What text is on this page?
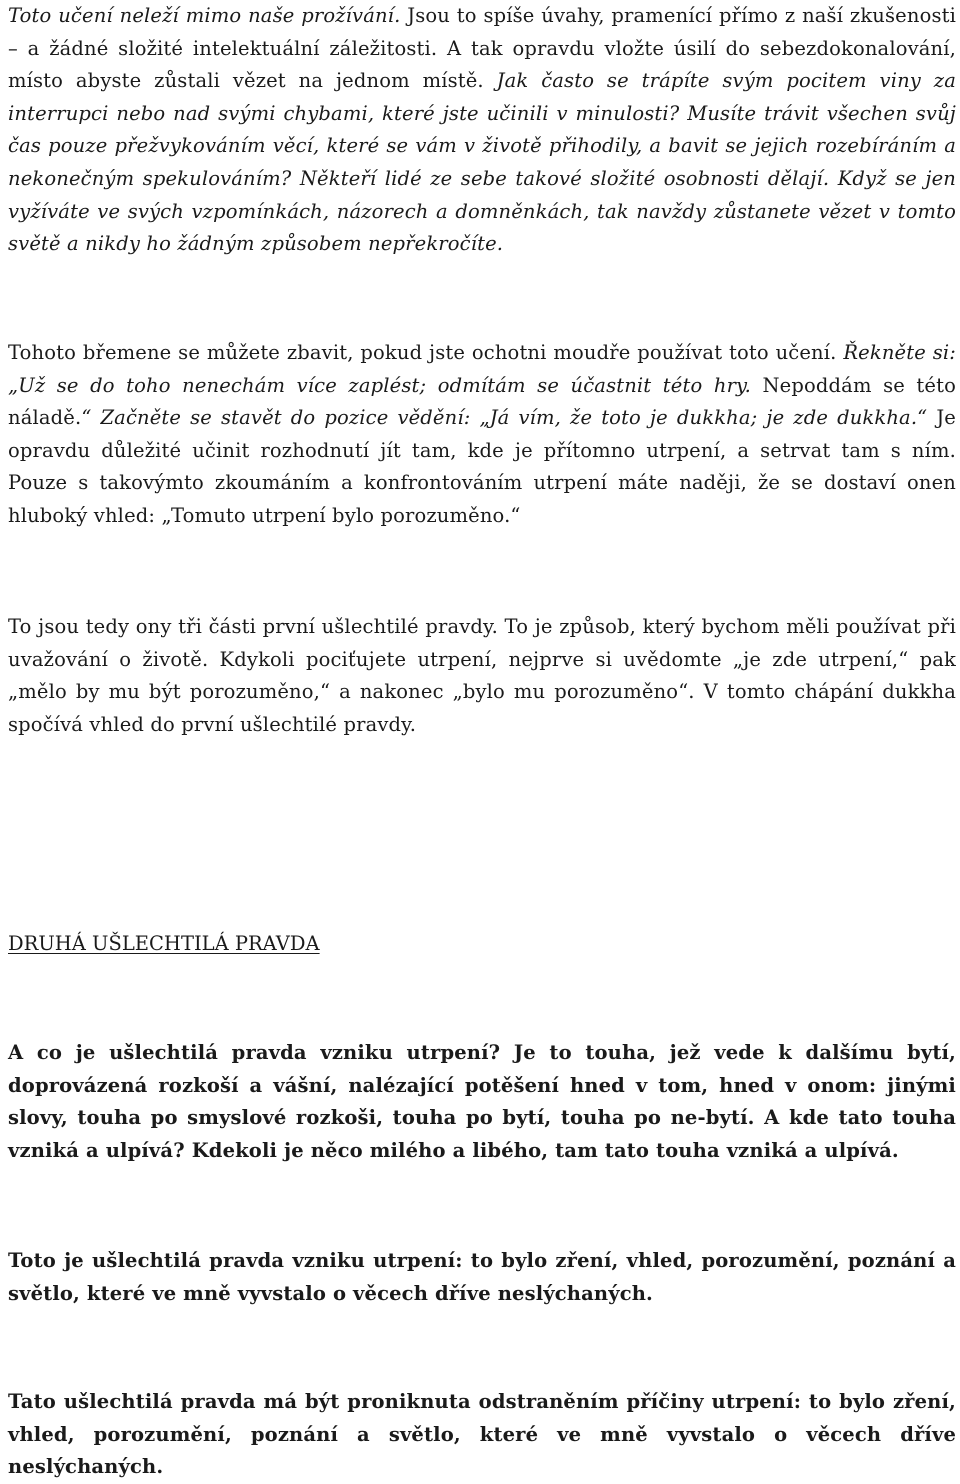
Toto učení neleží mimo naše prožívání. Jsou to spíše úvahy, pramenící přímo z naší zkušenosti – a žádné složité intelektuální záležitosti. A tak opravdu vložte úsilí do sebezdokonalování, místo abyste zůstali vězet na jednom místě. Jak často se trápíte svým pocitem viny za interrupci nebo nad svými chybami, které jste učinili v minulosti? Musíte trávit všechen svůj čas pouze přežvykováním věcí, které se vám v životě přihodily, a bavit se jejich rozebíráním a nekonečným spekulováním? Někteří lidé ze sebe takové složité osobnosti dělají. Když se jen vyžíváte ve svých vzpomínkách, názorech a domněnkách, tak navždy zůstanete vězet v tomto světě a nikdy ho žádným způsobem nepřekročíte.

Tohoto břemene se můžete zbavit, pokud jste ochotni moudře používat toto učení. Řekněte si: „Už se do toho nenechám více zaplést; odmítám se účastnit této hry. Nepoddám se této náladě.“ Začněte se stavět do pozice vědění: „Já vím, že toto je dukkha; je zde dukkha.“ Je opravdu důležité učinit rozhodnutí jít tam, kde je přítomno utrpení, a setrvat tam s ním. Pouze s takovýmto zkoumáním a konfrontováním utrpení máte naději, že se dostaví onen hluboký vhled: „Tomuto utrpení bylo porozuměno.“

To jsou tedy ony tři části první ušlechtilé pravdy. To je způsob, který bychom měli používat při uvažování o životě. Kdykoli pociťujete utrpení, nejprve si uvědomte „je zde utrpení,“ pak „mělo by mu být porozuměno,“ a nakonec „bylo mu porozuměno“. V tomto chápání dukkha spočívá vhled do první ušlechtilé pravdy.

DRUHÁ UŠLECHTILÁ PRAVDA

A co je ušlechtilá pravda vzniku utrpení? Je to touha, jež vede k dalšímu bytí, doprovázená rozkoší a vášní, nalézající potěšení hned v tom, hned v onom: jinými slovy, touha po smyslové rozkoši, touha po bytí, touha po ne-bytí. A kde tato touha vzniká a ulpívá? Kdekoli je něco milého a libého, tam tato touha vzniká a ulpívá.

Toto je ušlechtilá pravda vzniku utrpení: to bylo zření, vhled, porozumění, poznání a světlo, které ve mně vyvstalo o věcech dříve neslýchaných.

Tato ušlechtilá pravda má být proniknuta odstraněním příčiny utrpení: to bylo zření, vhled, porozumění, poznání a světlo, které ve mně vyvstalo o věcech dříve neslýchaných.
